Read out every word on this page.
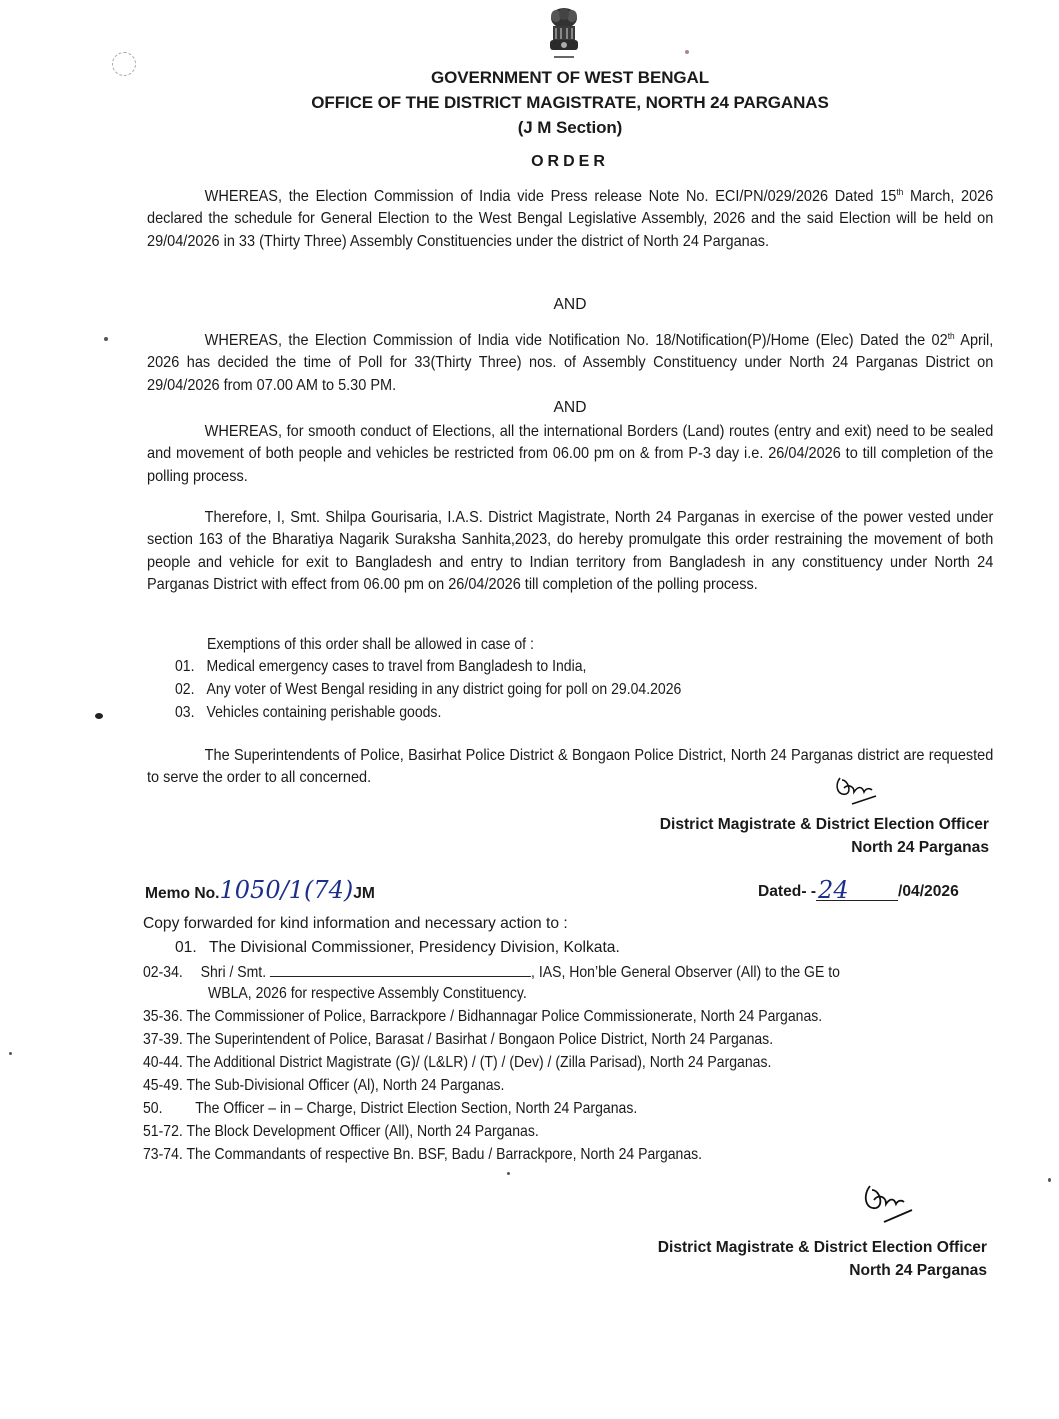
GOVERNMENT OF WEST BENGAL
OFFICE OF THE DISTRICT MAGISTRATE, NORTH 24 PARGANAS
(J M Section)
ORDER
WHEREAS, the Election Commission of India vide Press release Note No. ECI/PN/029/2026 Dated 15th March, 2026 declared the schedule for General Election to the West Bengal Legislative Assembly, 2026 and the said Election will be held on 29/04/2026 in 33 (Thirty Three) Assembly Constituencies under the district of North 24 Parganas.
AND
WHEREAS, the Election Commission of India vide Notification No. 18/Notification(P)/Home (Elec) Dated the 02th April, 2026 has decided the time of Poll for 33(Thirty Three) nos. of Assembly Constituency under North 24 Parganas District on 29/04/2026 from 07.00 AM to 5.30 PM.
AND
WHEREAS, for smooth conduct of Elections, all the international Borders (Land) routes (entry and exit) need to be sealed and movement of both people and vehicles be restricted from 06.00 pm on & from P-3 day i.e. 26/04/2026 to till completion of the polling process.
Therefore, I, Smt. Shilpa Gourisaria, I.A.S. District Magistrate, North 24 Parganas in exercise of the power vested under section 163 of the Bharatiya Nagarik Suraksha Sanhita,2023, do hereby promulgate this order restraining the movement of both people and vehicle for exit to Bangladesh and entry to Indian territory from Bangladesh in any constituency under North 24 Parganas District with effect from 06.00 pm on 26/04/2026 till completion of the polling process.
Exemptions of this order shall be allowed in case of :
01. Medical emergency cases to travel from Bangladesh to India,
02. Any voter of West Bengal residing in any district going for poll on 29.04.2026
03. Vehicles containing perishable goods.
The Superintendents of Police, Basirhat Police District & Bongaon Police District, North 24 Parganas district are requested to serve the order to all concerned.
District Magistrate & District Election Officer
North 24 Parganas
Memo No.1050/1(74)JM	Dated- -24	/04/2026
Copy forwarded for kind information and necessary action to :
01. The Divisional Commissioner, Presidency Division, Kolkata.
02-34. Shri / Smt.	, IAS, Hon’ble General Observer (All) to the GE to
WBLA, 2026 for respective Assembly Constituency.
35-36. The Commissioner of Police, Barrackpore / Bidhannagar Police Commissionerate, North 24 Parganas.
37-39. The Superintendent of Police, Barasat / Basirhat / Bongaon Police District, North 24 Parganas.
40-44. The Additional District Magistrate (G)/ (L&LR) / (T) / (Dev) / (Zilla Parisad), North 24 Parganas.
45-49. The Sub-Divisional Officer (Al), North 24 Parganas.
50. The Officer – in – Charge, District Election Section, North 24 Parganas.
51-72. The Block Development Officer (All), North 24 Parganas.
73-74. The Commandants of respective Bn. BSF, Badu / Barrackpore, North 24 Parganas.
District Magistrate & District Election Officer
North 24 Parganas
